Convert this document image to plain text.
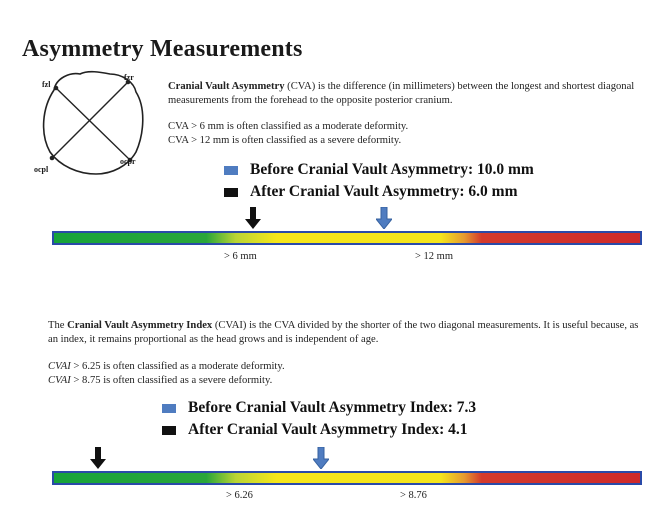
Asymmetry Measurements
fzl
fzr
ocpl
ocpr
Cranial Vault Asymmetry (CVA) is the difference (in millimeters) between the longest and shortest diagonal measurements from the forehead to the opposite posterior cranium.
CVA > 6 mm is often classified as a moderate deformity.
CVA > 12 mm is often classified as a severe deformity.
Before Cranial Vault Asymmetry: 10.0 mm
After Cranial Vault Asymmetry: 6.0 mm
> 6 mm	> 12 mm
The Cranial Vault Asymmetry Index (CVAI) is the CVA divided by the shorter of the two diagonal measurements. It is useful because, as an index, it remains proportional as the head grows and is independent of age.
CVAI > 6.25 is often classified as a moderate deformity.
CVAI > 8.75 is often classified as a severe deformity.
Before Cranial Vault Asymmetry Index: 7.3
After Cranial Vault Asymmetry Index: 4.1
> 6.26	> 8.76
